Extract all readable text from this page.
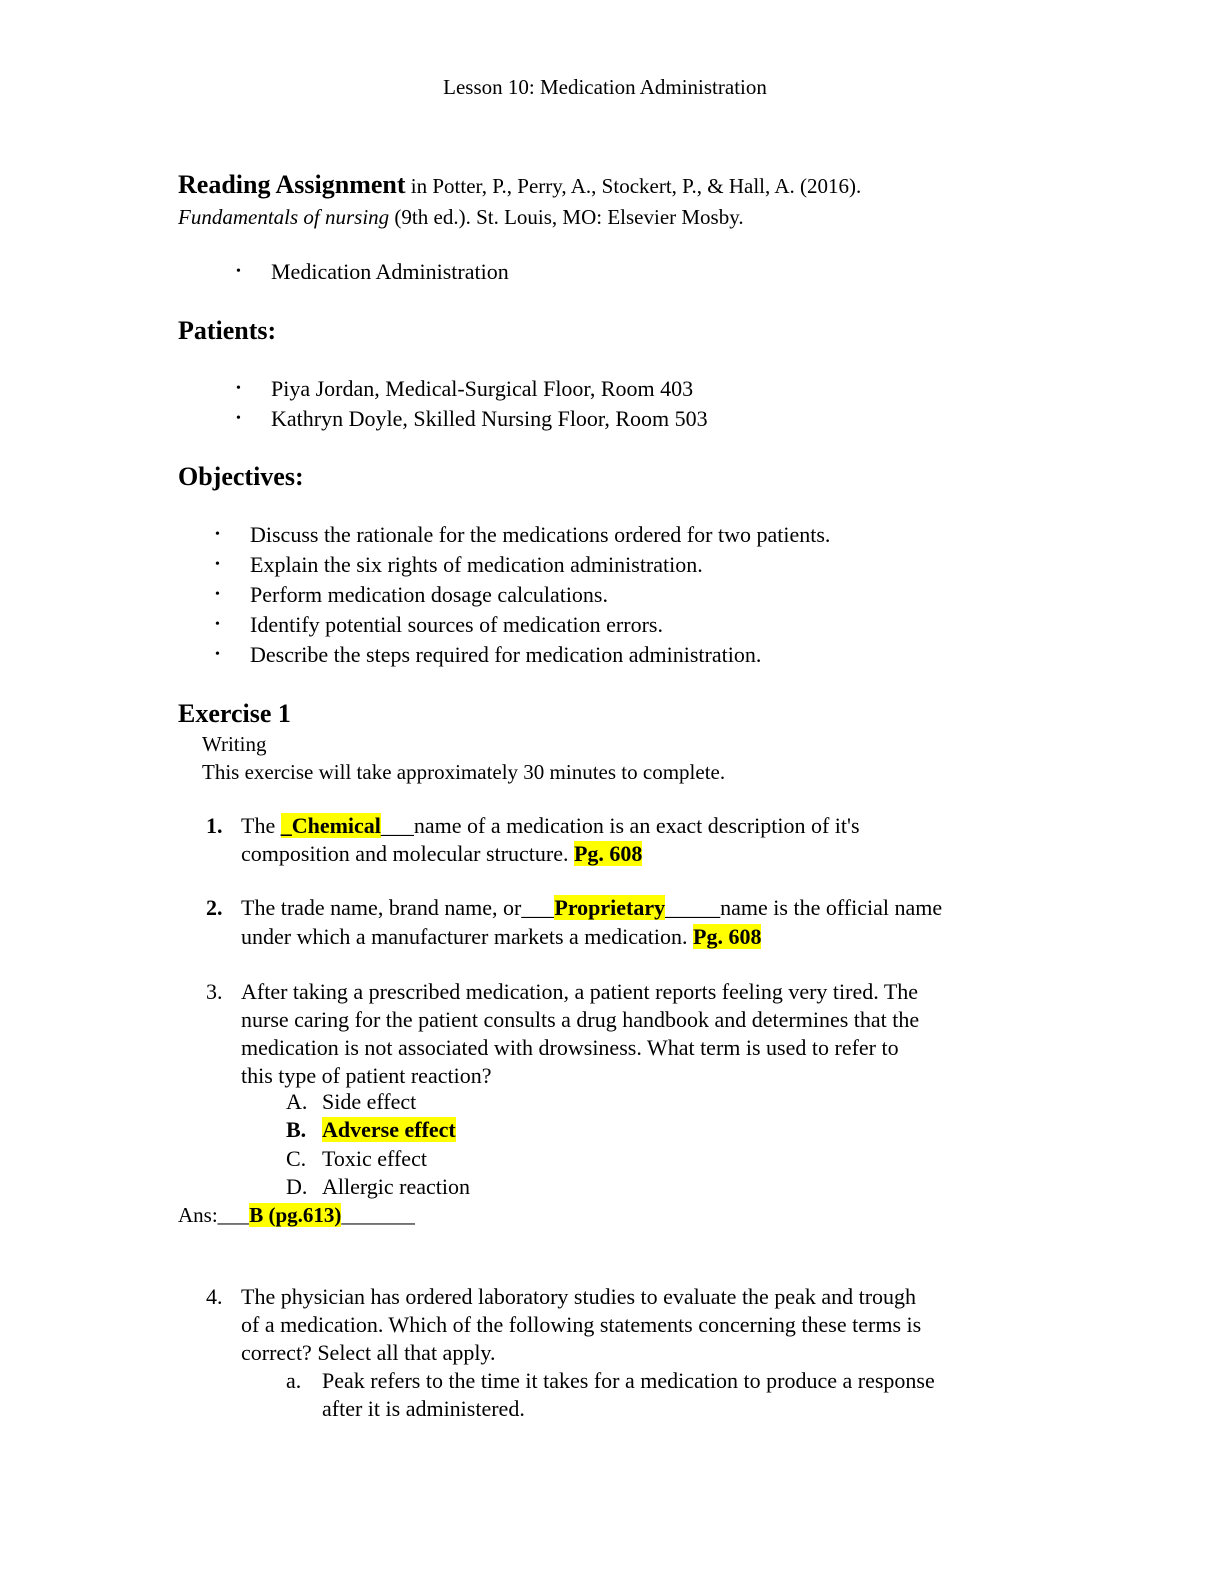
Lesson 10: Medication Administration
Reading Assignment in Potter, P., Perry, A., Stockert, P., & Hall, A. (2016).
Fundamentals of nursing (9th ed.). St. Louis, MO: Elsevier Mosby.
• Medication Administration
Patients:
• Piya Jordan, Medical-Surgical Floor, Room 403
• Kathryn Doyle, Skilled Nursing Floor, Room 503
Objectives:
• Discuss the rationale for the medications ordered for two patients.
• Explain the six rights of medication administration.
• Perform medication dosage calculations.
• Identify potential sources of medication errors.
• Describe the steps required for medication administration.
Exercise 1
Writing
This exercise will take approximately 30 minutes to complete.
1. The _Chemical___name of a medication is an exact description of it's
composition and molecular structure. Pg. 608
2. The trade name, brand name, or___Proprietary_____name is the official name
under which a manufacturer markets a medication. Pg. 608
3. After taking a prescribed medication, a patient reports feeling very tired. The
nurse caring for the patient consults a drug handbook and determines that the
medication is not associated with drowsiness. What term is used to refer to
this type of patient reaction?
A. Side effect
B. Adverse effect
C. Toxic effect
D. Allergic reaction
Ans:___B (pg.613)_______
4. The physician has ordered laboratory studies to evaluate the peak and trough
of a medication. Which of the following statements concerning these terms is
correct? Select all that apply.
a. Peak refers to the time it takes for a medication to produce a response
after it is administered.
